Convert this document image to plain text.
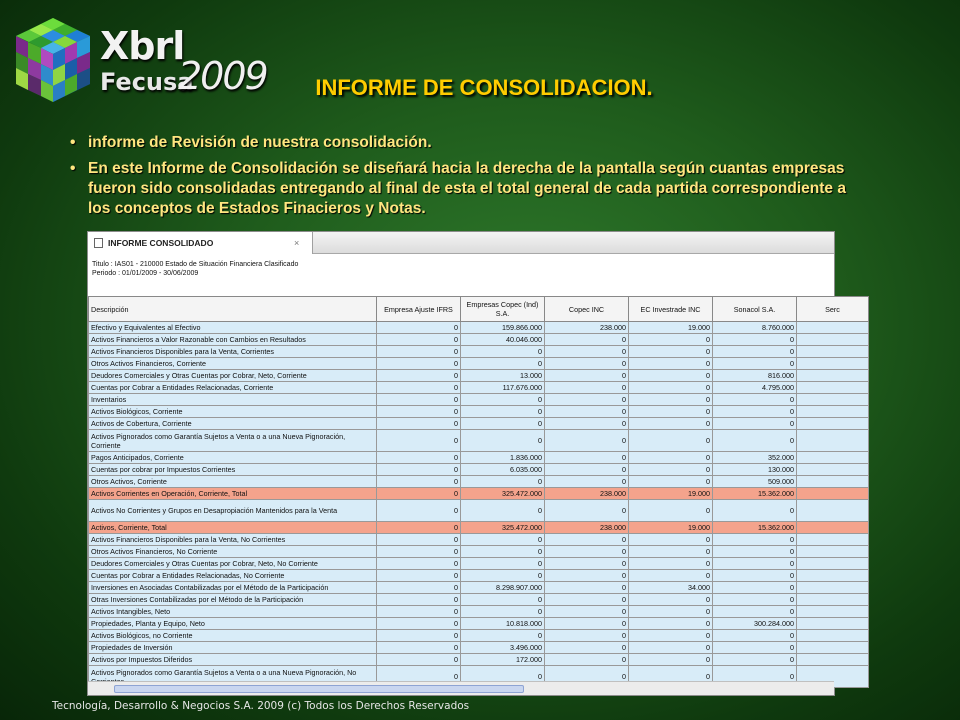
Xbrl
Fecusa
2009	INFORME DE CONSOLIDACION.
• informe de Revisión de nuestra consolidación.
• En este Informe de Consolidación se diseñará hacia la derecha de la pantalla según cuantas empresas fueron sido consolidadas entregando al final de esta el total general de cada partida correspondiente a los conceptos de Estados Finacieros y Notas.
INFORME CONSOLIDADO	×
Titulo : IAS01 - 210000 Estado de Situación Financiera Clasificado
Periodo : 01/01/2009 - 30/06/2009
Descripción	Empresa Ajuste IFRS	Empresas Copec (Ind) S.A.	Copec INC	EC Investrade INC	Sonacol S.A.	Serc
Efectivo y Equivalentes al Efectivo	0	159.866.000	238.000	19.000	8.760.000	
Activos Financieros a Valor Razonable con Cambios en Resultados	0	40.046.000	0	0	0	
Activos Financieros Disponibles para la Venta, Corrientes	0	0	0	0	0	
Otros Activos Financieros, Corriente	0	0	0	0	0	
Deudores Comerciales y Otras Cuentas por Cobrar, Neto, Corriente	0	13.000	0	0	816.000	
Cuentas por Cobrar a Entidades Relacionadas, Corriente	0	117.676.000	0	0	4.795.000	
Inventarios	0	0	0	0	0	
Activos Biológicos, Corriente	0	0	0	0	0	
Activos de Cobertura, Corriente	0	0	0	0	0	
Activos Pignorados como Garantía Sujetos a Venta o a una Nueva Pignoración, Corriente	0	0	0	0	0	
Pagos Anticipados, Corriente	0	1.836.000	0	0	352.000	
Cuentas por cobrar por Impuestos Corrientes	0	6.035.000	0	0	130.000	
Otros Activos, Corriente	0	0	0	0	509.000	
Activos Corrientes en Operación, Corriente, Total	0	325.472.000	238.000	19.000	15.362.000	
Activos No Corrientes y Grupos en Desapropiación Mantenidos para la Venta	0	0	0	0	0	
Activos, Corriente, Total	0	325.472.000	238.000	19.000	15.362.000	
Activos Financieros Disponibles para la Venta, No Corrientes	0	0	0	0	0	
Otros Activos Financieros, No Corriente	0	0	0	0	0	
Deudores Comerciales y Otras Cuentas por Cobrar, Neto, No Corriente	0	0	0	0	0	
Cuentas por Cobrar a Entidades Relacionadas, No Corriente	0	0	0	0	0	
Inversiones en Asociadas Contabilizadas por el Método de la Participación	0	8.298.907.000	0	34.000	0	
Otras Inversiones Contabilizadas por el Método de la Participación	0	0	0	0	0	
Activos Intangibles, Neto	0	0	0	0	0	
Propiedades, Planta y Equipo, Neto	0	10.818.000	0	0	300.284.000	
Activos Biológicos, no Corriente	0	0	0	0	0	
Propiedades de Inversión	0	3.496.000	0	0	0	
Activos por Impuestos Diferidos	0	172.000	0	0	0	
Activos Pignorados como Garantía Sujetos a Venta o a una Nueva Pignoración, No	0	0	0	0	0	
Tecnología, Desarrollo & Negocios S.A. 2009 (c) Todos los Derechos Reservados
